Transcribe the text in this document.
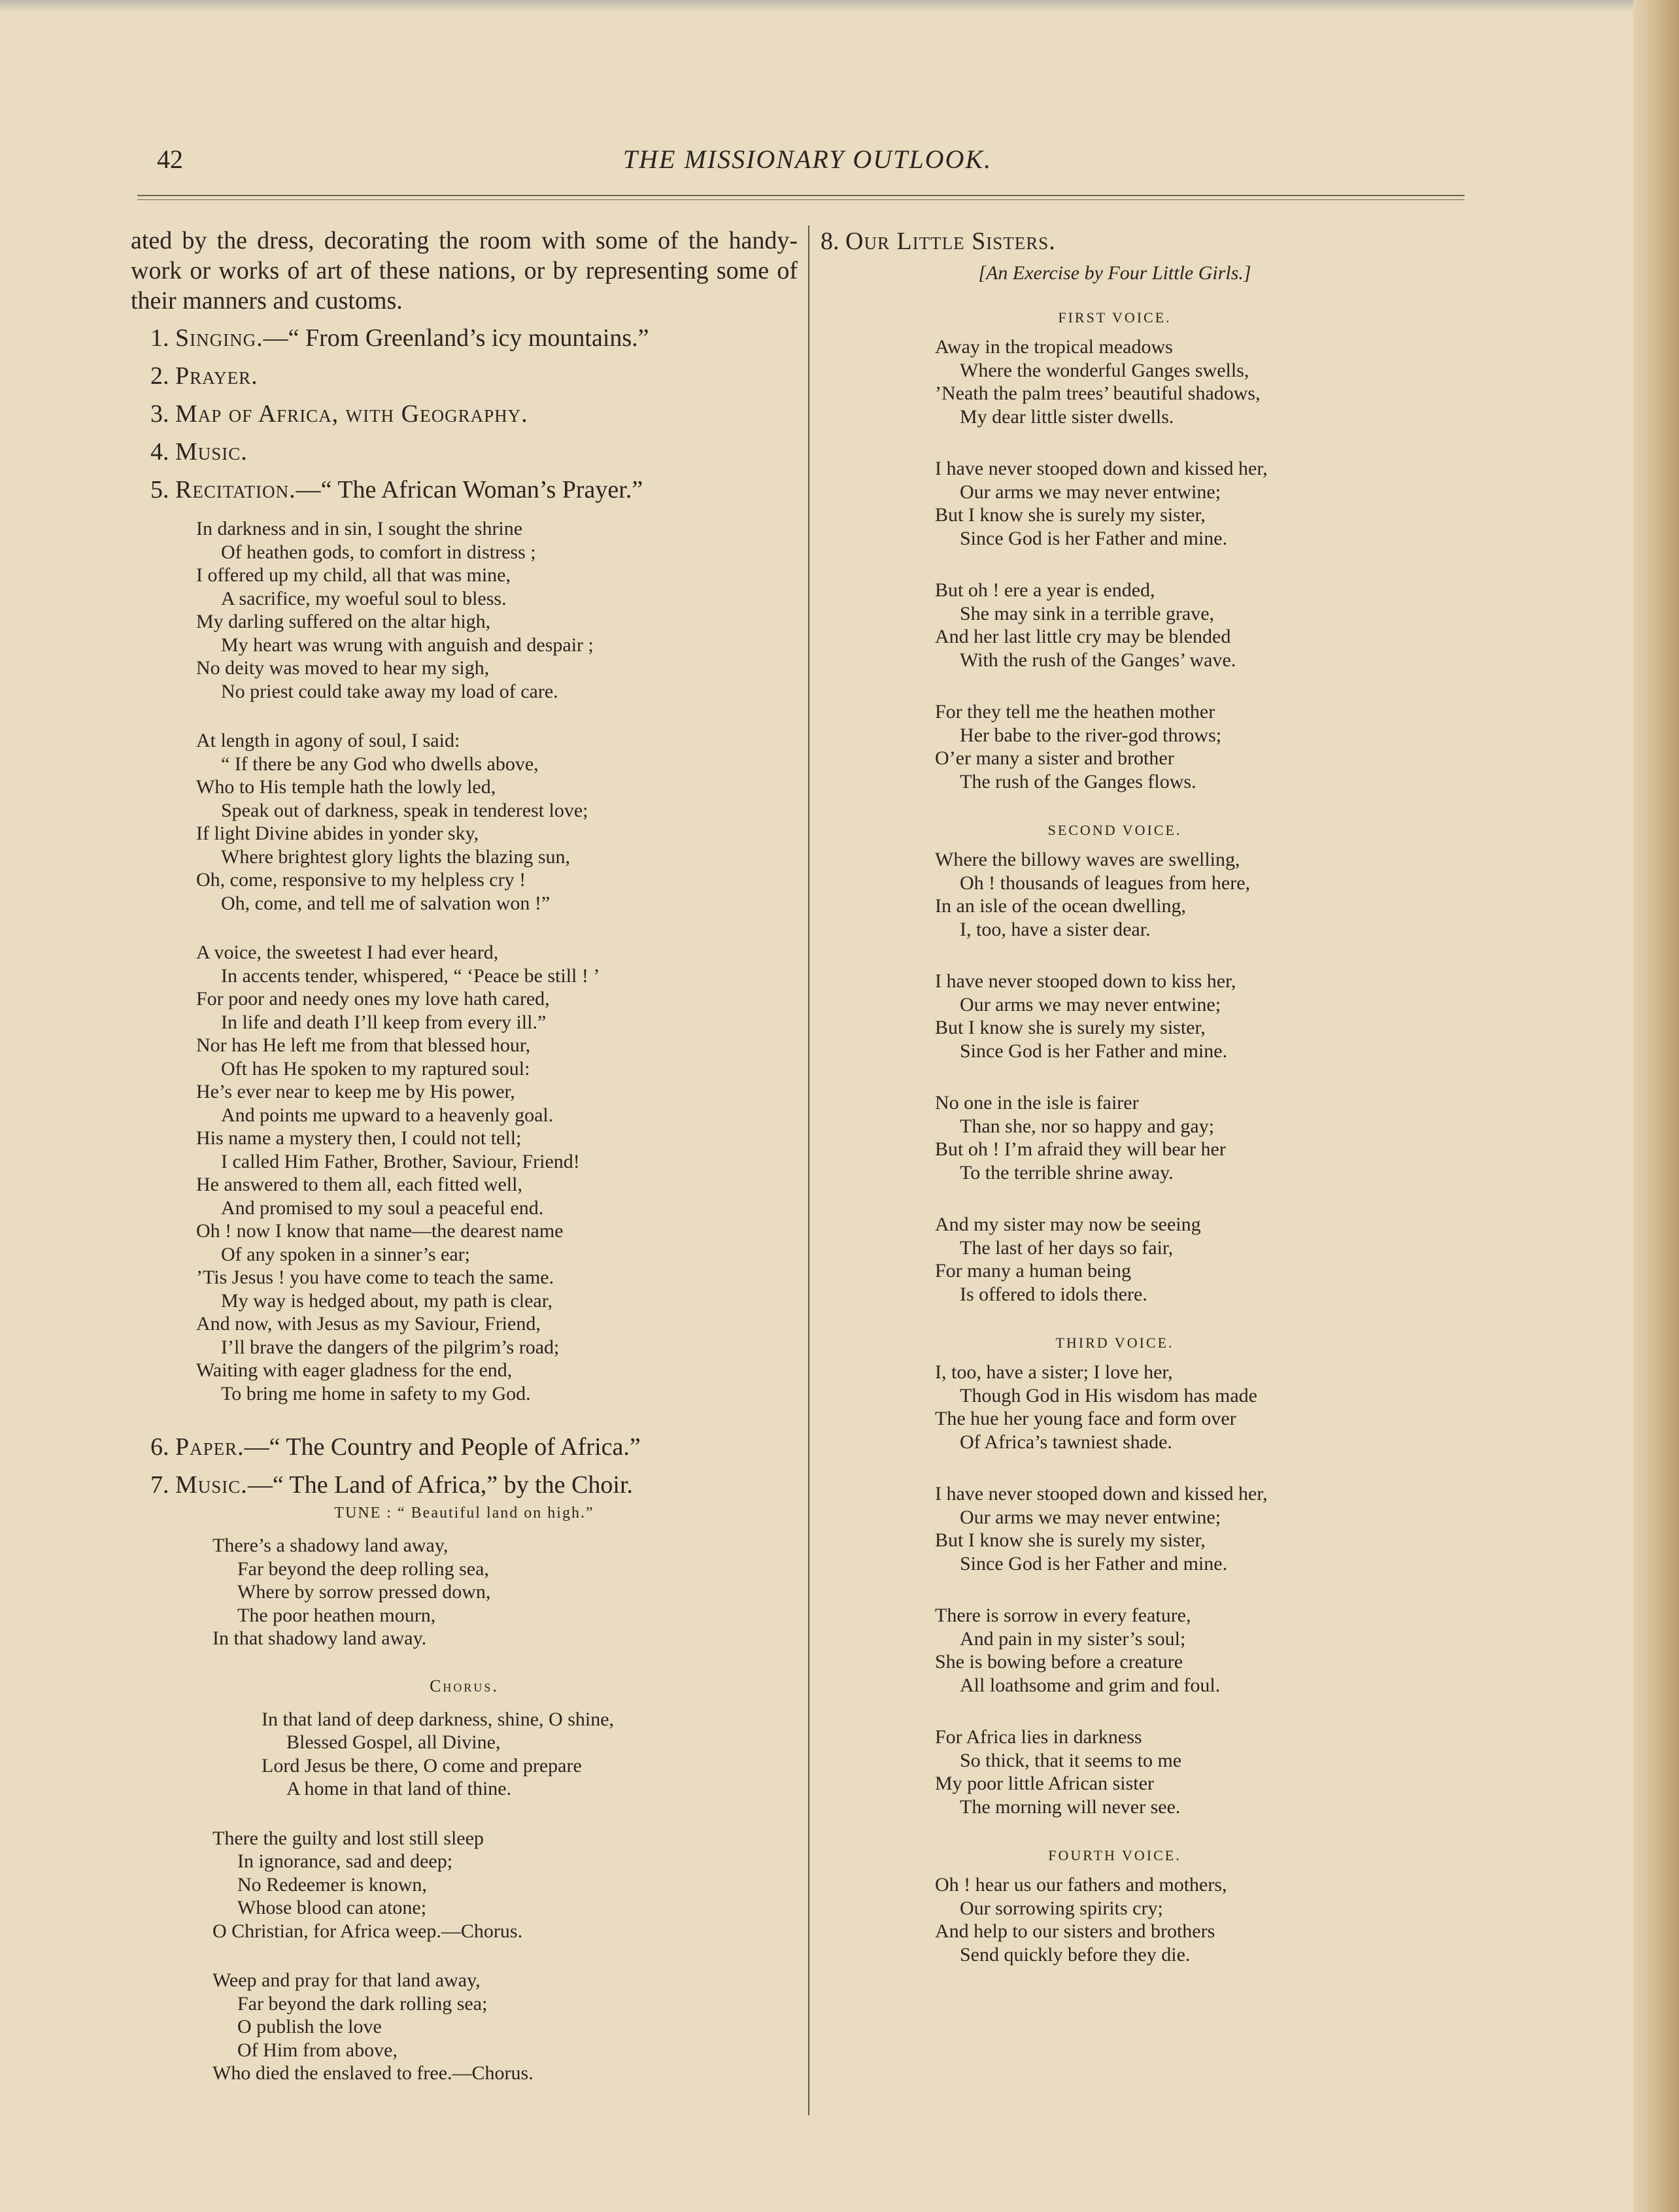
42	THE MISSIONARY OUTLOOK.

ated by the dress, decorating the room with some of the handy-work or works of art of these nations, or by representing some of their manners and customs.

1. Singing.—“ From Greenland’s icy mountains.”
2. Prayer.
3. Map of Africa, with Geography.
4. Music.
5. Recitation.—“ The African Woman’s Prayer.”
In darkness and in sin, I sought the shrine
Of heathen gods, to comfort in distress ;
I offered up my child, all that was mine,
A sacrifice, my woeful soul to bless.
My darling suffered on the altar high,
My heart was wrung with anguish and despair ;
No deity was moved to hear my sigh,
No priest could take away my load of care.
At length in agony of soul, I said:
“ If there be any God who dwells above,
Who to His temple hath the lowly led,
Speak out of darkness, speak in tenderest love;
If light Divine abides in yonder sky,
Where brightest glory lights the blazing sun,
Oh, come, responsive to my helpless cry !
Oh, come, and tell me of salvation won !”
A voice, the sweetest I had ever heard,
In accents tender, whispered, “ ‘Peace be still ! ’
For poor and needy ones my love hath cared,
In life and death I’ll keep from every ill.”
Nor has He left me from that blessed hour,
Oft has He spoken to my raptured soul:
He’s ever near to keep me by His power,
And points me upward to a heavenly goal.
His name a mystery then, I could not tell;
I called Him Father, Brother, Saviour, Friend!
He answered to them all, each fitted well,
And promised to my soul a peaceful end.
Oh ! now I know that name—the dearest name
Of any spoken in a sinner’s ear;
’Tis Jesus ! you have come to teach the same.
My way is hedged about, my path is clear,
And now, with Jesus as my Saviour, Friend,
I’ll brave the dangers of the pilgrim’s road;
Waiting with eager gladness for the end,
To bring me home in safety to my God.
6. Paper.—“ The Country and People of Africa.”
7. Music.—“ The Land of Africa,” by the Choir.
TUNE : “ Beautiful land on high.”
There’s a shadowy land away,
Far beyond the deep rolling sea,
Where by sorrow pressed down,
The poor heathen mourn,
In that shadowy land away.
Chorus.
In that land of deep darkness, shine, O shine,
Blessed Gospel, all Divine,
Lord Jesus be there, O come and prepare
A home in that land of thine.
There the guilty and lost still sleep
In ignorance, sad and deep;
No Redeemer is known,
Whose blood can atone;
O Christian, for Africa weep.—Chorus.
Weep and pray for that land away,
Far beyond the dark rolling sea;
O publish the love
Of Him from above,
Who died the enslaved to free.—Chorus.
8. Our Little Sisters.
[An Exercise by Four Little Girls.]
FIRST VOICE.
Away in the tropical meadows
Where the wonderful Ganges swells,
’Neath the palm trees’ beautiful shadows,
My dear little sister dwells.
I have never stooped down and kissed her,
Our arms we may never entwine;
But I know she is surely my sister,
Since God is her Father and mine.
But oh ! ere a year is ended,
She may sink in a terrible grave,
And her last little cry may be blended
With the rush of the Ganges’ wave.
For they tell me the heathen mother
Her babe to the river-god throws;
O’er many a sister and brother
The rush of the Ganges flows.
SECOND VOICE.
Where the billowy waves are swelling,
Oh ! thousands of leagues from here,
In an isle of the ocean dwelling,
I, too, have a sister dear.
I have never stooped down to kiss her,
Our arms we may never entwine;
But I know she is surely my sister,
Since God is her Father and mine.
No one in the isle is fairer
Than she, nor so happy and gay;
But oh ! I’m afraid they will bear her
To the terrible shrine away.
And my sister may now be seeing
The last of her days so fair,
For many a human being
Is offered to idols there.
THIRD VOICE.
I, too, have a sister; I love her,
Though God in His wisdom has made
The hue her young face and form over
Of Africa’s tawniest shade.
I have never stooped down and kissed her,
Our arms we may never entwine;
But I know she is surely my sister,
Since God is her Father and mine.
There is sorrow in every feature,
And pain in my sister’s soul;
She is bowing before a creature
All loathsome and grim and foul.
For Africa lies in darkness
So thick, that it seems to me
My poor little African sister
The morning will never see.
FOURTH VOICE.
Oh ! hear us our fathers and mothers,
Our sorrowing spirits cry;
And help to our sisters and brothers
Send quickly before they die.
